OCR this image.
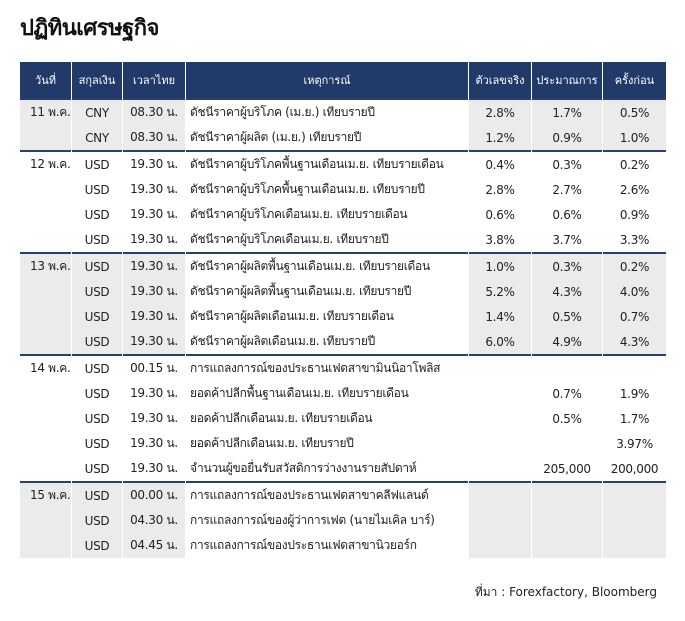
ปฏิทินเศรษฐกิจ
วันที่	สกุลเงิน	เวลาไทย	เหตุการณ์	ตัวเลขจริง	ประมาณการ	ครั้งก่อน
11 พ.ค.	CNY	08.30 น.	ดัชนีราคาผู้บริโภค (เม.ย.) เทียบรายปี	2.8%	1.7%	0.5%
	CNY	08.30 น.	ดัชนีราคาผู้ผลิต (เม.ย.) เทียบรายปี	1.2%	0.9%	1.0%
12 พ.ค.	USD	19.30 น.	ดัชนีราคาผู้บริโภคพื้นฐานเดือนเม.ย. เทียบรายเดือน	0.4%	0.3%	0.2%
	USD	19.30 น.	ดัชนีราคาผู้บริโภคพื้นฐานเดือนเม.ย. เทียบรายปี	2.8%	2.7%	2.6%
	USD	19.30 น.	ดัชนีราคาผู้บริโภคเดือนเม.ย. เทียบรายเดือน	0.6%	0.6%	0.9%
	USD	19.30 น.	ดัชนีราคาผู้บริโภคเดือนเม.ย. เทียบรายปี	3.8%	3.7%	3.3%
13 พ.ค.	USD	19.30 น.	ดัชนีราคาผู้ผลิตพื้นฐานเดือนเม.ย. เทียบรายเดือน	1.0%	0.3%	0.2%
	USD	19.30 น.	ดัชนีราคาผู้ผลิตพื้นฐานเดือนเม.ย. เทียบรายปี	5.2%	4.3%	4.0%
	USD	19.30 น.	ดัชนีราคาผู้ผลิตเดือนเม.ย. เทียบรายเดือน	1.4%	0.5%	0.7%
	USD	19.30 น.	ดัชนีราคาผู้ผลิตเดือนเม.ย. เทียบรายปี	6.0%	4.9%	4.3%
14 พ.ค.	USD	00.15 น.	การแถลงการณ์ของประธานเฟดสาขามินนิอาโพลิส			
	USD	19.30 น.	ยอดค้าปลีกพื้นฐานเดือนเม.ย. เทียบรายเดือน		0.7%	1.9%
	USD	19.30 น.	ยอดค้าปลีกเดือนเม.ย. เทียบรายเดือน		0.5%	1.7%
	USD	19.30 น.	ยอดค้าปลีกเดือนเม.ย. เทียบรายปี			3.97%
	USD	19.30 น.	จำนวนผู้ขอยื่นรับสวัสดิการว่างงานรายสัปดาห์		205,000	200,000
15 พ.ค.	USD	00.00 น.	การแถลงการณ์ของประธานเฟดสาขาคลีฟแลนด์			
	USD	04.30 น.	การแถลงการณ์ของผู้ว่าการเฟด (นายไมเคิล บาร์)			
	USD	04.45 น.	การแถลงการณ์ของประธานเฟดสาขานิวยอร์ก			
ที่มา : Forexfactory, Bloomberg
